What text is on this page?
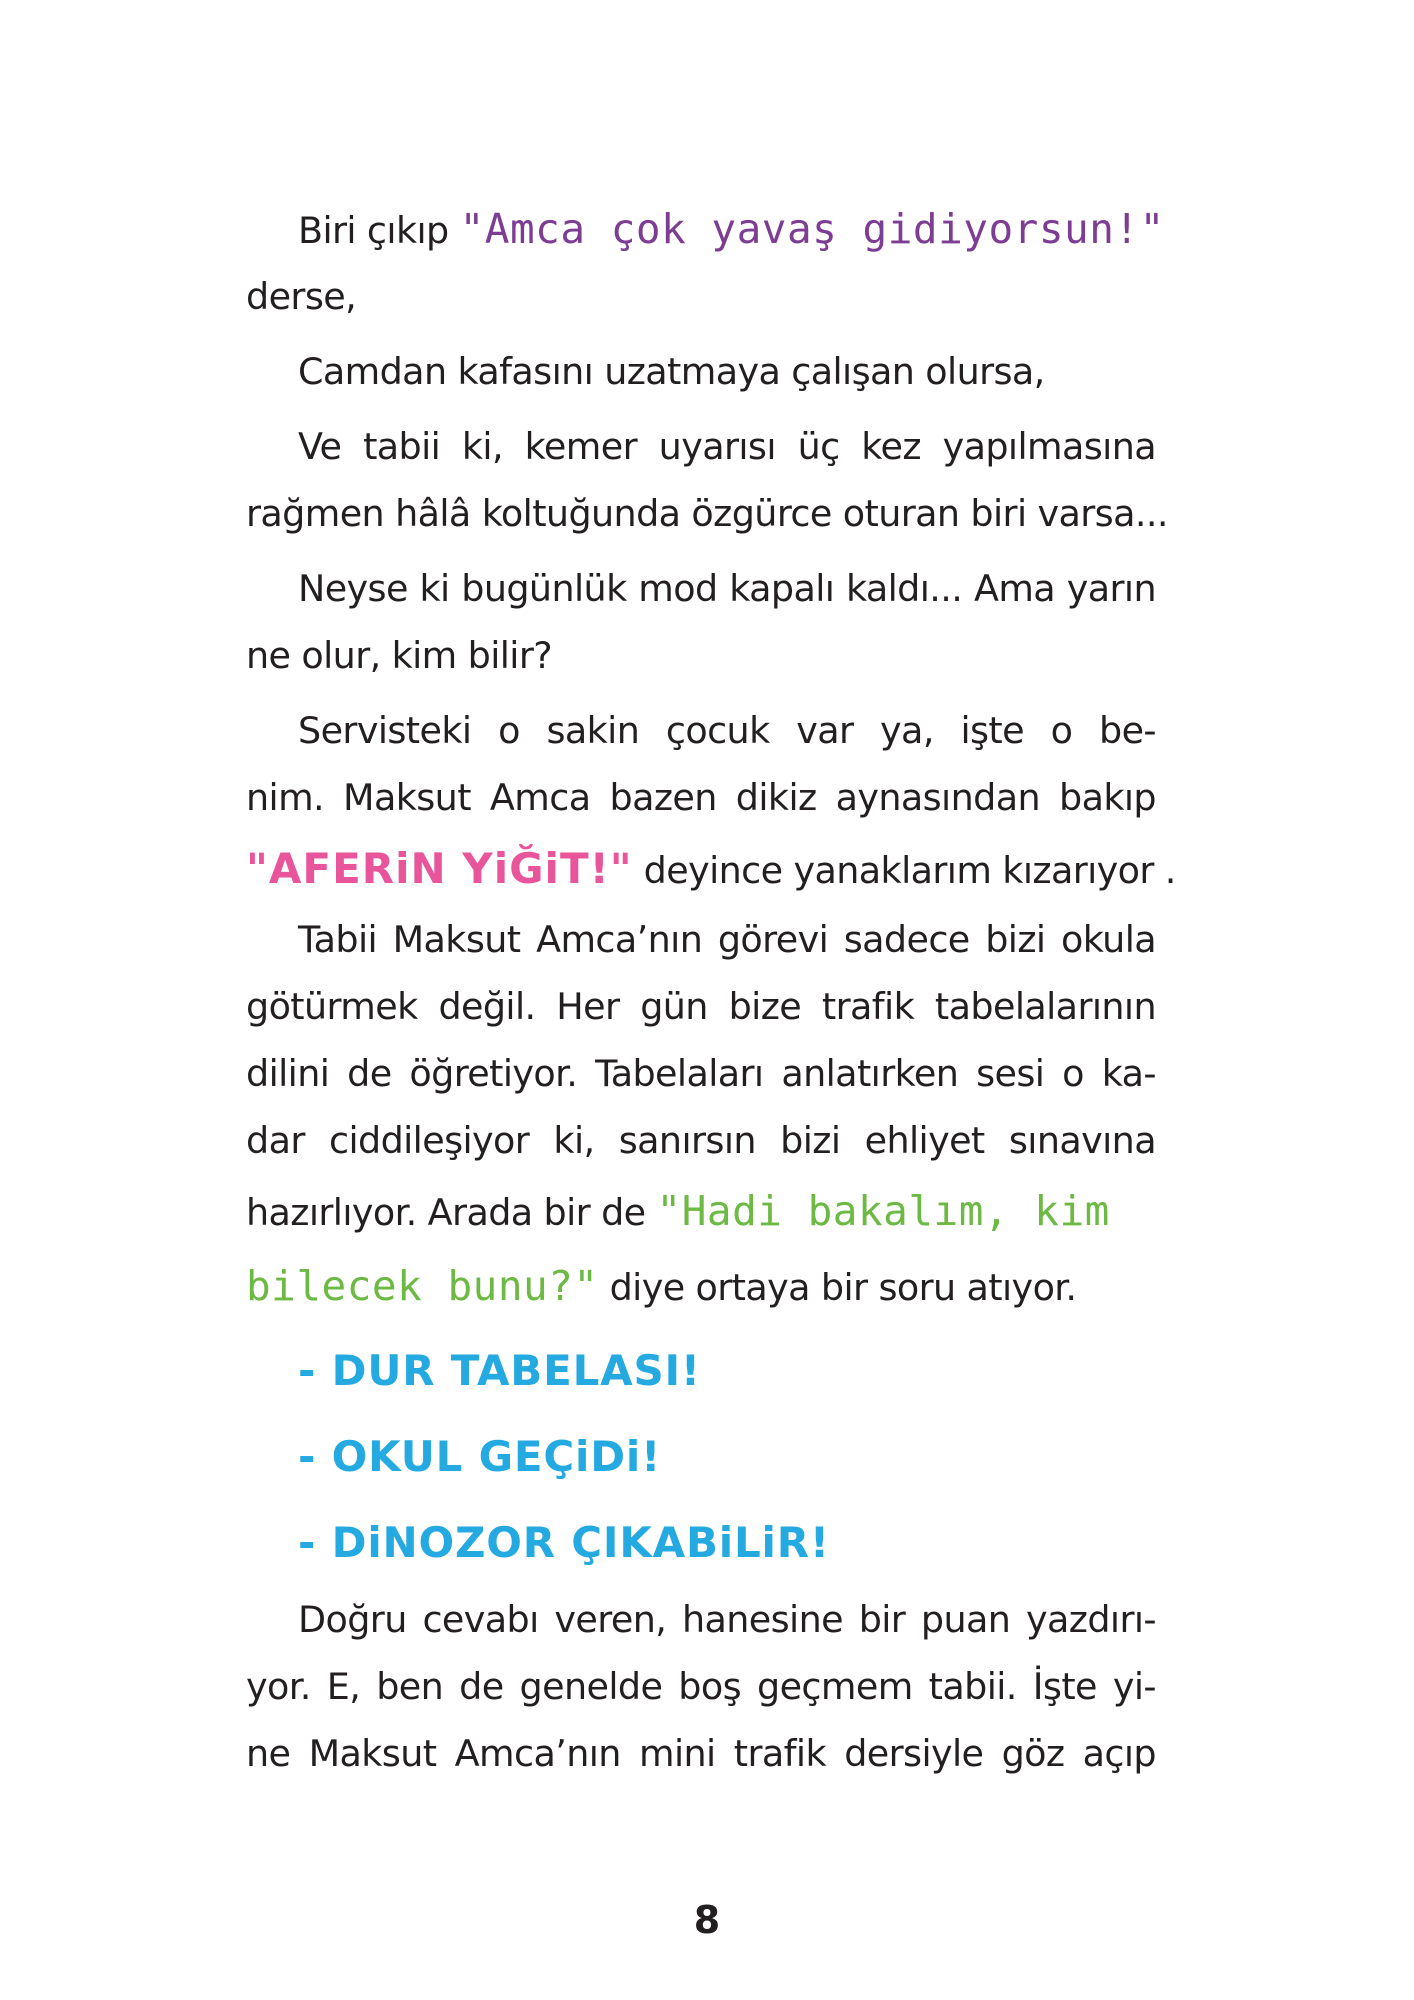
Biri çıkıp "Amca çok yavaş gidiyorsun!"
derse,
Camdan kafasını uzatmaya çalışan olursa,
Ve tabii ki, kemer uyarısı üç kez yapılmasına
rağmen hâlâ koltuğunda özgürce oturan biri varsa...
Neyse ki bugünlük mod kapalı kaldı... Ama yarın
ne olur, kim bilir?
Servisteki o sakin çocuk var ya, işte o be-
nim. Maksut Amca bazen dikiz aynasından bakıp
"AFERiN YiĞiT!" deyince yanaklarım kızarıyor .
Tabii Maksut Amca’nın görevi sadece bizi okula
götürmek değil. Her gün bize trafik tabelalarının
dilini de öğretiyor. Tabelaları anlatırken sesi o ka-
dar ciddileşiyor ki, sanırsın bizi ehliyet sınavına
hazırlıyor. Arada bir de "Hadi bakalım, kim
bilecek bunu?" diye ortaya bir soru atıyor.
- DUR TABELASI!
- OKUL GEÇiDi!
- DiNOZOR ÇIKABiLiR!
Doğru cevabı veren, hanesine bir puan yazdırı-
yor. E, ben de genelde boş geçmem tabii. İşte yi-
ne Maksut Amca’nın mini trafik dersiyle göz açıp
8
